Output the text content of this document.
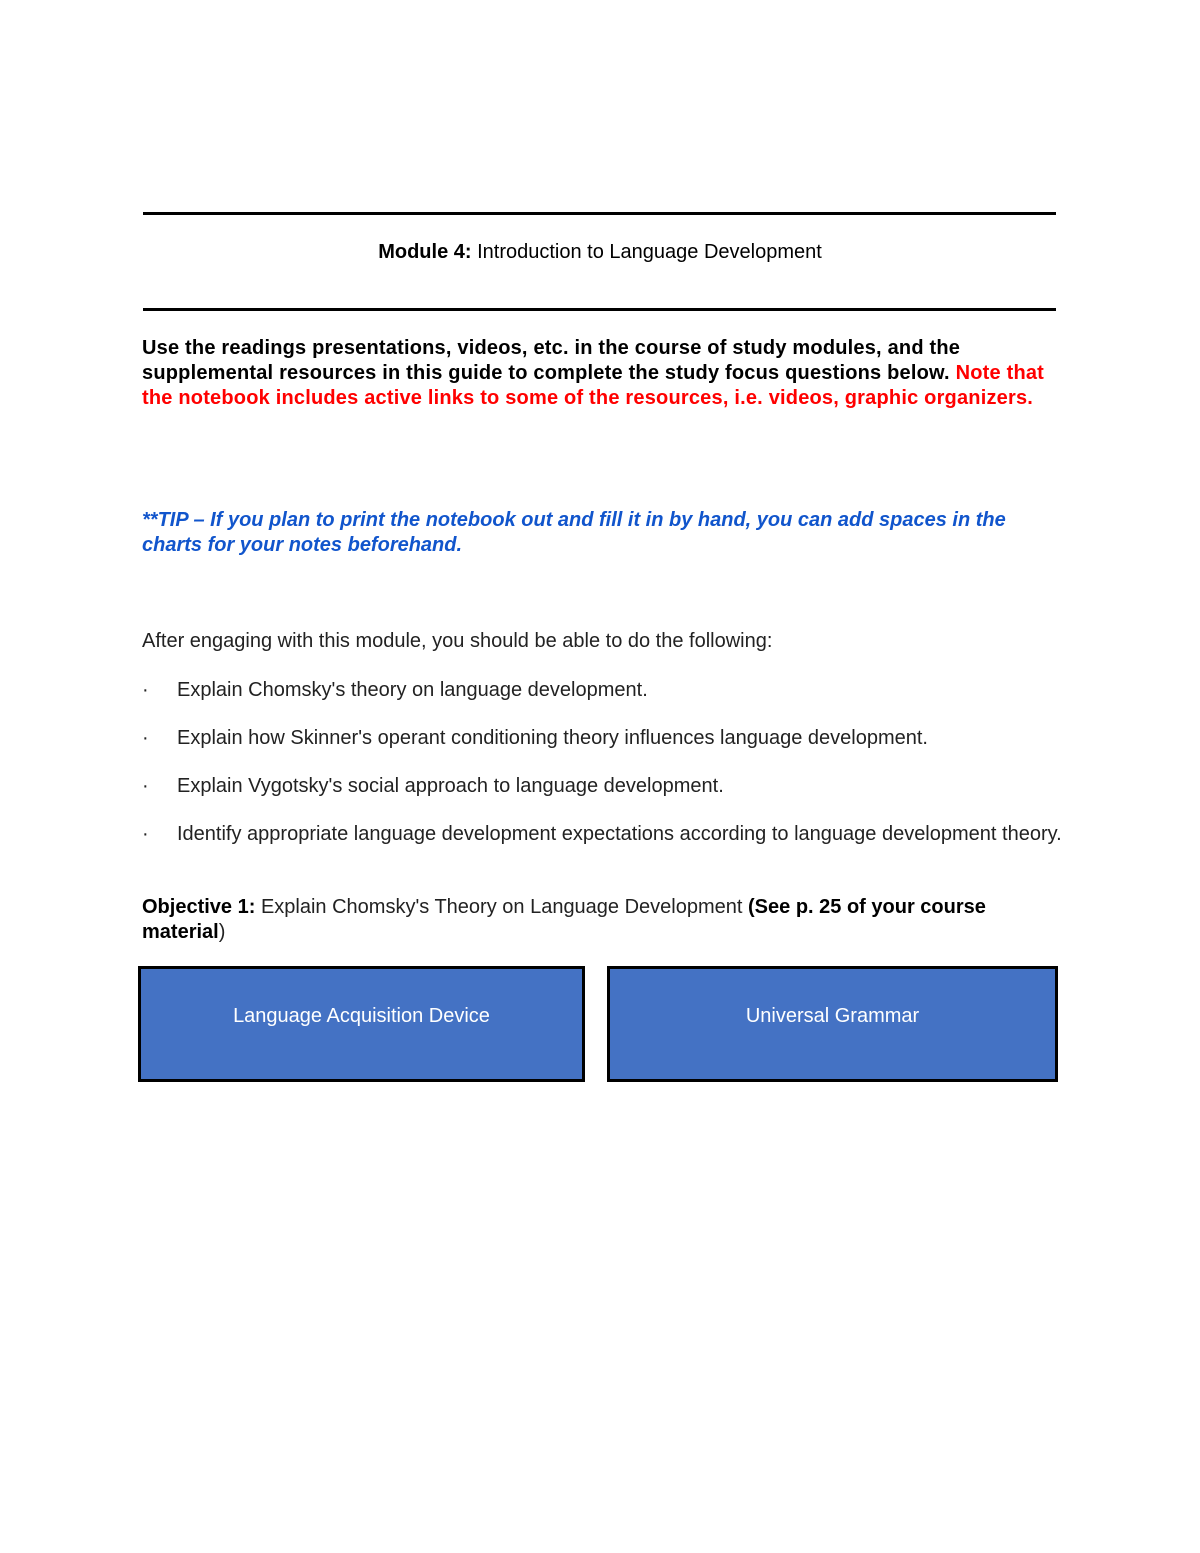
Module 4: Introduction to Language Development
Use the readings presentations, videos, etc. in the course of study modules, and the supplemental resources in this guide to complete the study focus questions below. Note that the notebook includes active links to some of the resources, i.e. videos, graphic organizers.
**TIP – If you plan to print the notebook out and fill it in by hand, you can add spaces in the charts for your notes beforehand.
After engaging with this module, you should be able to do the following:
· Explain Chomsky's theory on language development.
· Explain how Skinner's operant conditioning theory influences language development.
· Explain Vygotsky's social approach to language development.
· Identify appropriate language development expectations according to language development theory.
Objective 1: Explain Chomsky's Theory on Language Development (See p. 25 of your course material)
Language Acquisition Device	Universal Grammar
